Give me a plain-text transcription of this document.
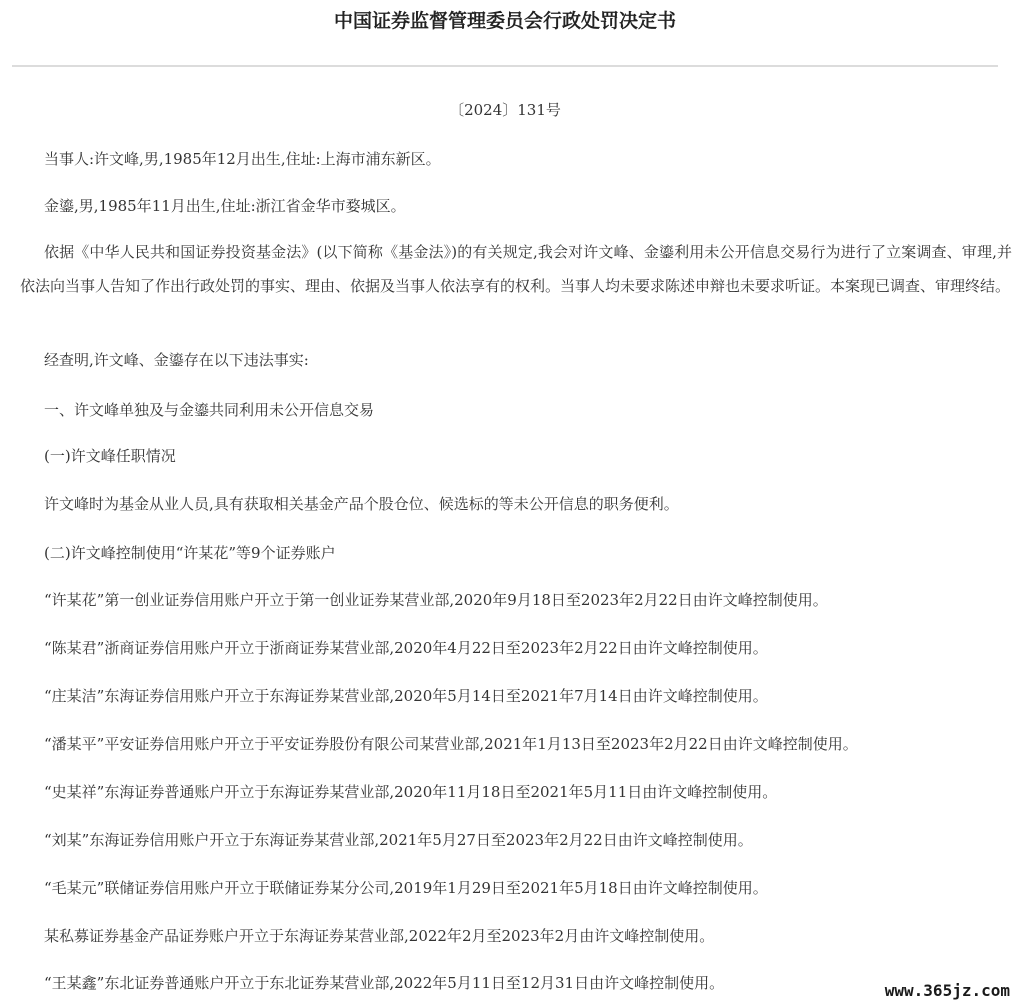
中国证券监督管理委员会行政处罚决定书
〔2024〕131号
当事人:许文峰,男,1985年12月出生,住址:上海市浦东新区。
金鎏,男,1985年11月出生,住址:浙江省金华市婺城区。
依据《中华人民共和国证券投资基金法》(以下简称《基金法》)的有关规定,我会对许文峰、金鎏利用未公开信息交易行为进行了立案调查、审理,并依法向当事人告知了作出行政处罚的事实、理由、依据及当事人依法享有的权利。当事人均未要求陈述申辩也未要求听证。本案现已调查、审理终结。
经查明,许文峰、金鎏存在以下违法事实:
一、许文峰单独及与金鎏共同利用未公开信息交易
(一)许文峰任职情况
许文峰时为基金从业人员,具有获取相关基金产品个股仓位、候选标的等未公开信息的职务便利。
(二)许文峰控制使用“许某花”等9个证券账户
“许某花”第一创业证券信用账户开立于第一创业证券某营业部,2020年9月18日至2023年2月22日由许文峰控制使用。
“陈某君”浙商证券信用账户开立于浙商证券某营业部,2020年4月22日至2023年2月22日由许文峰控制使用。
“庄某洁”东海证券信用账户开立于东海证券某营业部,2020年5月14日至2021年7月14日由许文峰控制使用。
“潘某平”平安证券信用账户开立于平安证券股份有限公司某营业部,2021年1月13日至2023年2月22日由许文峰控制使用。
“史某祥”东海证券普通账户开立于东海证券某营业部,2020年11月18日至2021年5月11日由许文峰控制使用。
“刘某”东海证券信用账户开立于东海证券某营业部,2021年5月27日至2023年2月22日由许文峰控制使用。
“毛某元”联储证券信用账户开立于联储证券某分公司,2019年1月29日至2021年5月18日由许文峰控制使用。
某私募证券基金产品证券账户开立于东海证券某营业部,2022年2月至2023年2月由许文峰控制使用。
“王某鑫”东北证券普通账户开立于东北证券某营业部,2022年5月11日至12月31日由许文峰控制使用。	www.365jz.com
